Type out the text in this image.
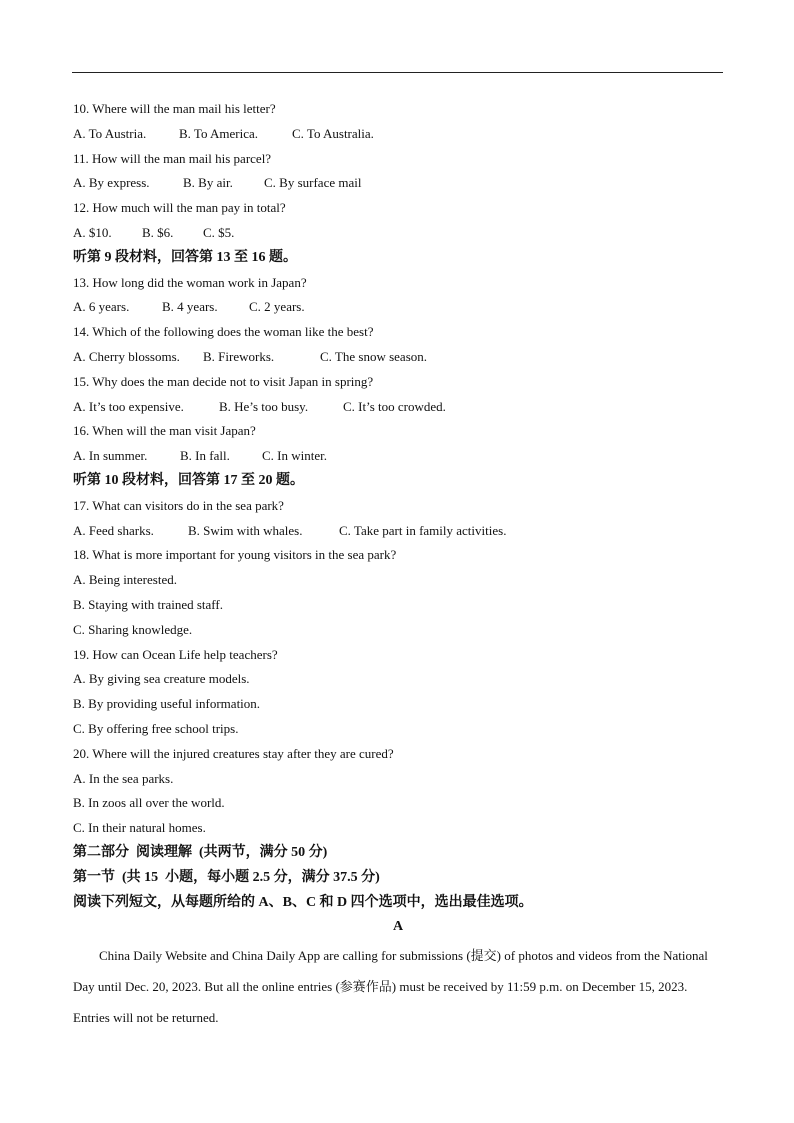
10. Where will the man mail his letter?

A. To Austria.	B. To America.	C. To Australia.

11. How will the man mail his parcel?

A. By express.	B. By air. C. By surface mail

12. How much will the man pay in total?

A. $10. B. $6. C. $5.

听第 9 段材料，回答第 13 至 16 题。

13. How long did the woman work in Japan?

A. 6 years.	B. 4 years. C. 2 years.

14. Which of the following does the woman like the best?

A. Cherry blossoms. B. Fireworks.	C. The snow season.

15. Why does the man decide not to visit Japan in spring?

A. It’s too expensive.	B. He’s too busy.	C. It’s too crowded.

16. When will the man visit Japan?

A. In summer.	B. In fall. C. In winter.

听第 10 段材料，回答第 17 至 20 题。

17. What can visitors do in the sea park?

A. Feed sharks.	B. Swim with whales.	C. Take part in family activities.

18. What is more important for young visitors in the sea park?

A. Being interested.

B. Staying with trained staff.

C. Sharing knowledge.

19. How can Ocean Life help teachers?

A. By giving sea creature models.

B. By providing useful information.

C. By offering free school trips.

20. Where will the injured creatures stay after they are cured?

A. In the sea parks.

B. In zoos all over the world.

C. In their natural homes.

第二部分  阅读理解  (共两节，满分 50 分)

第一节  (共 15  小题，每小题 2.5 分，满分 37.5 分)

阅读下列短文，从每题所给的 A、B、C 和 D 四个选项中，选出最佳选项。

A

China Daily Website and China Daily App are calling for submissions (提交) of photos and videos from the National Day until Dec. 20, 2023. But all the online entries (参赛作品) must be received by 11:59 p.m. on December 15, 2023. Entries will not be returned.
